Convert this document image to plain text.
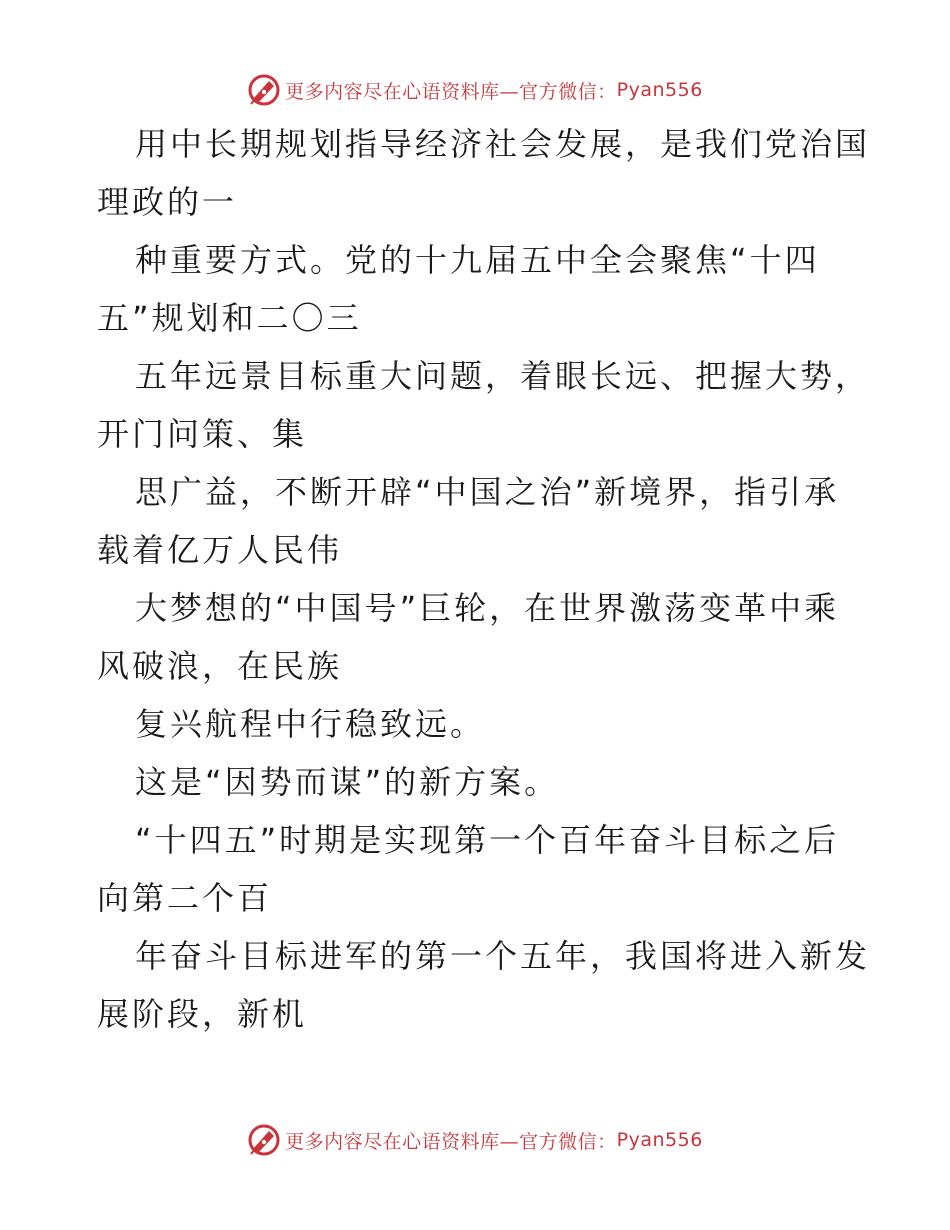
更多内容尽在心语资料库—官方微信： Pyan556
用中长期规划指导经济社会发展，是我们党治国
理政的一
种重要方式。党的十九届五中全会聚焦“十四
五”规划和二〇三
五年远景目标重大问题，着眼长远、把握大势，
开门问策、集
思广益，不断开辟“中国之治”新境界，指引承
载着亿万人民伟
大梦想的“中国号”巨轮，在世界激荡变革中乘
风破浪，在民族
复兴航程中行稳致远。
这是“因势而谋”的新方案。
“十四五”时期是实现第一个百年奋斗目标之后
向第二个百
年奋斗目标进军的第一个五年，我国将进入新发
展阶段，新机
更多内容尽在心语资料库—官方微信： Pyan556
